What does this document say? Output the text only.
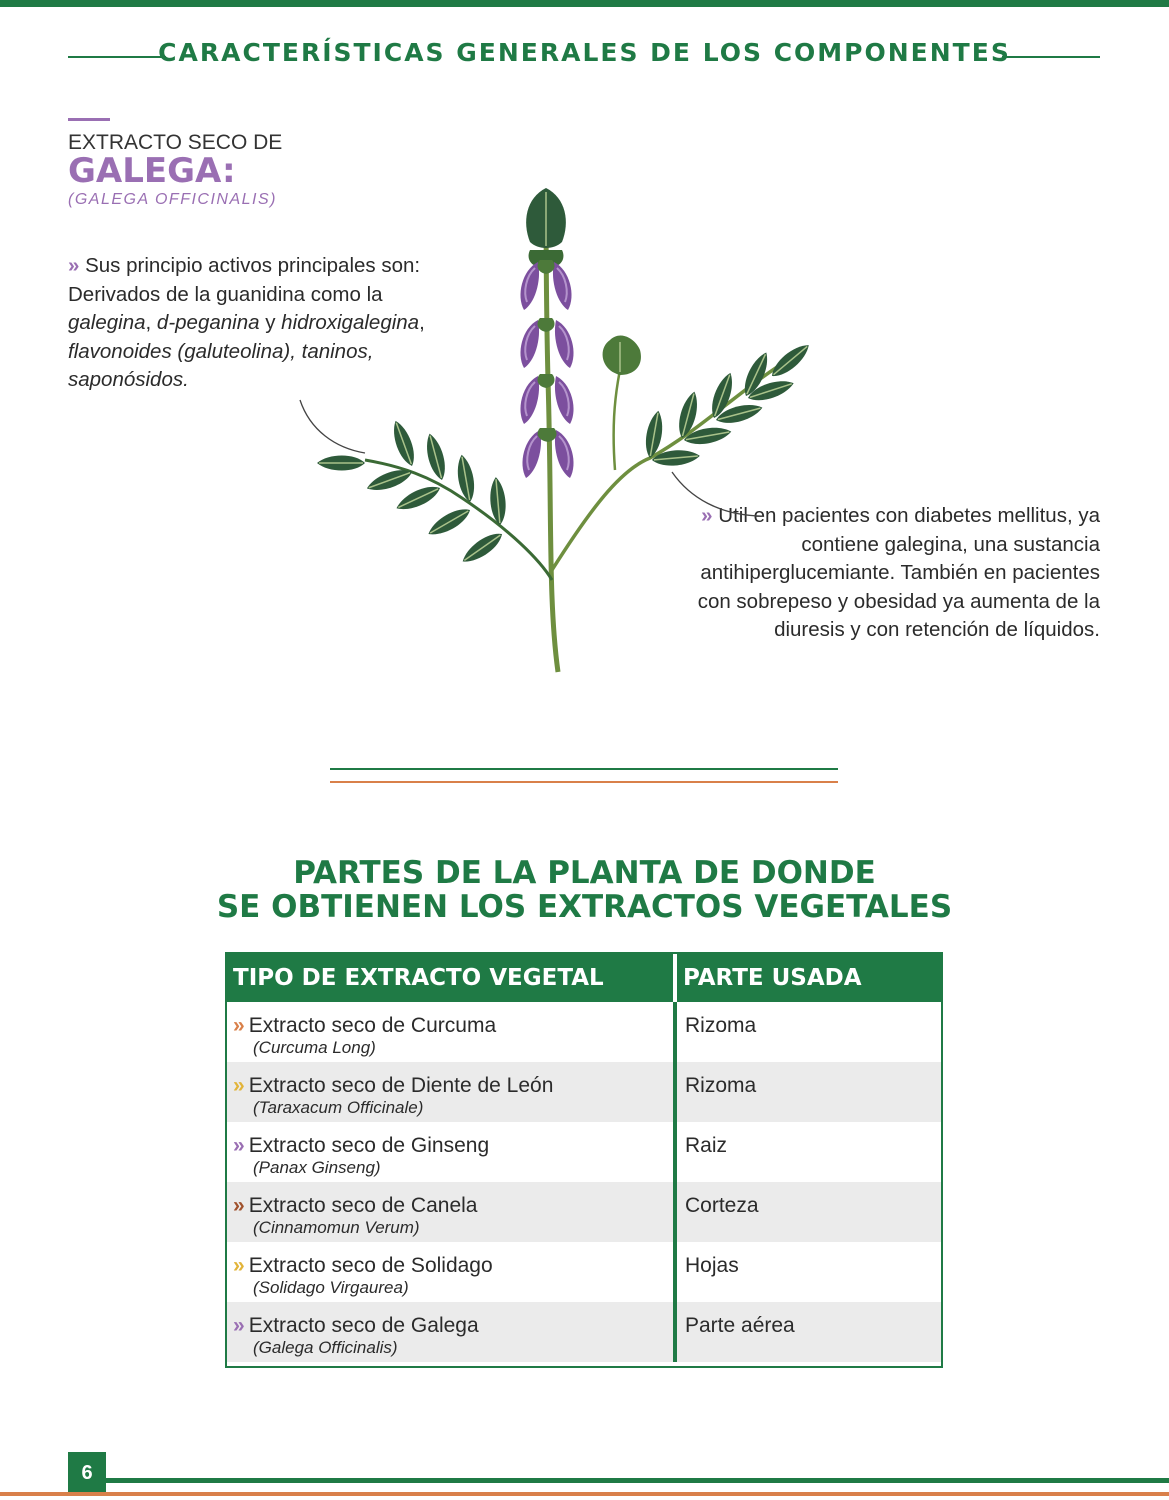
CARACTERÍSTICAS GENERALES DE LOS COMPONENTES
EXTRACTO SECO DE
GALEGA:
(GALEGA OFFICINALIS)
» Sus principio activos principales son: Derivados de la guanidina como la galegina, d-peganina y hidroxigalegina, flavonoides (galuteolina), taninos, saponósidos.
» Util en pacientes con diabetes mellitus, ya contiene galegina, una sustancia antihiperglucemiante. También en pacientes con sobrepeso y obesidad ya aumenta de la diuresis y con retención de líquidos.
PARTES DE LA PLANTA DE DONDE
SE OBTIENEN LOS EXTRACTOS VEGETALES
TIPO DE EXTRACTO VEGETAL	PARTE USADA
» Extracto seco de Curcuma
(Curcuma Long)
Rizoma
» Extracto seco de Diente de León
(Taraxacum Officinale)
Rizoma
» Extracto seco de Ginseng
(Panax Ginseng)
Raiz
» Extracto seco de Canela
(Cinnamomun Verum)
Corteza
» Extracto seco de Solidago
(Solidago Virgaurea)
Hojas
» Extracto seco de Galega
(Galega Officinalis)
Parte aérea
6
